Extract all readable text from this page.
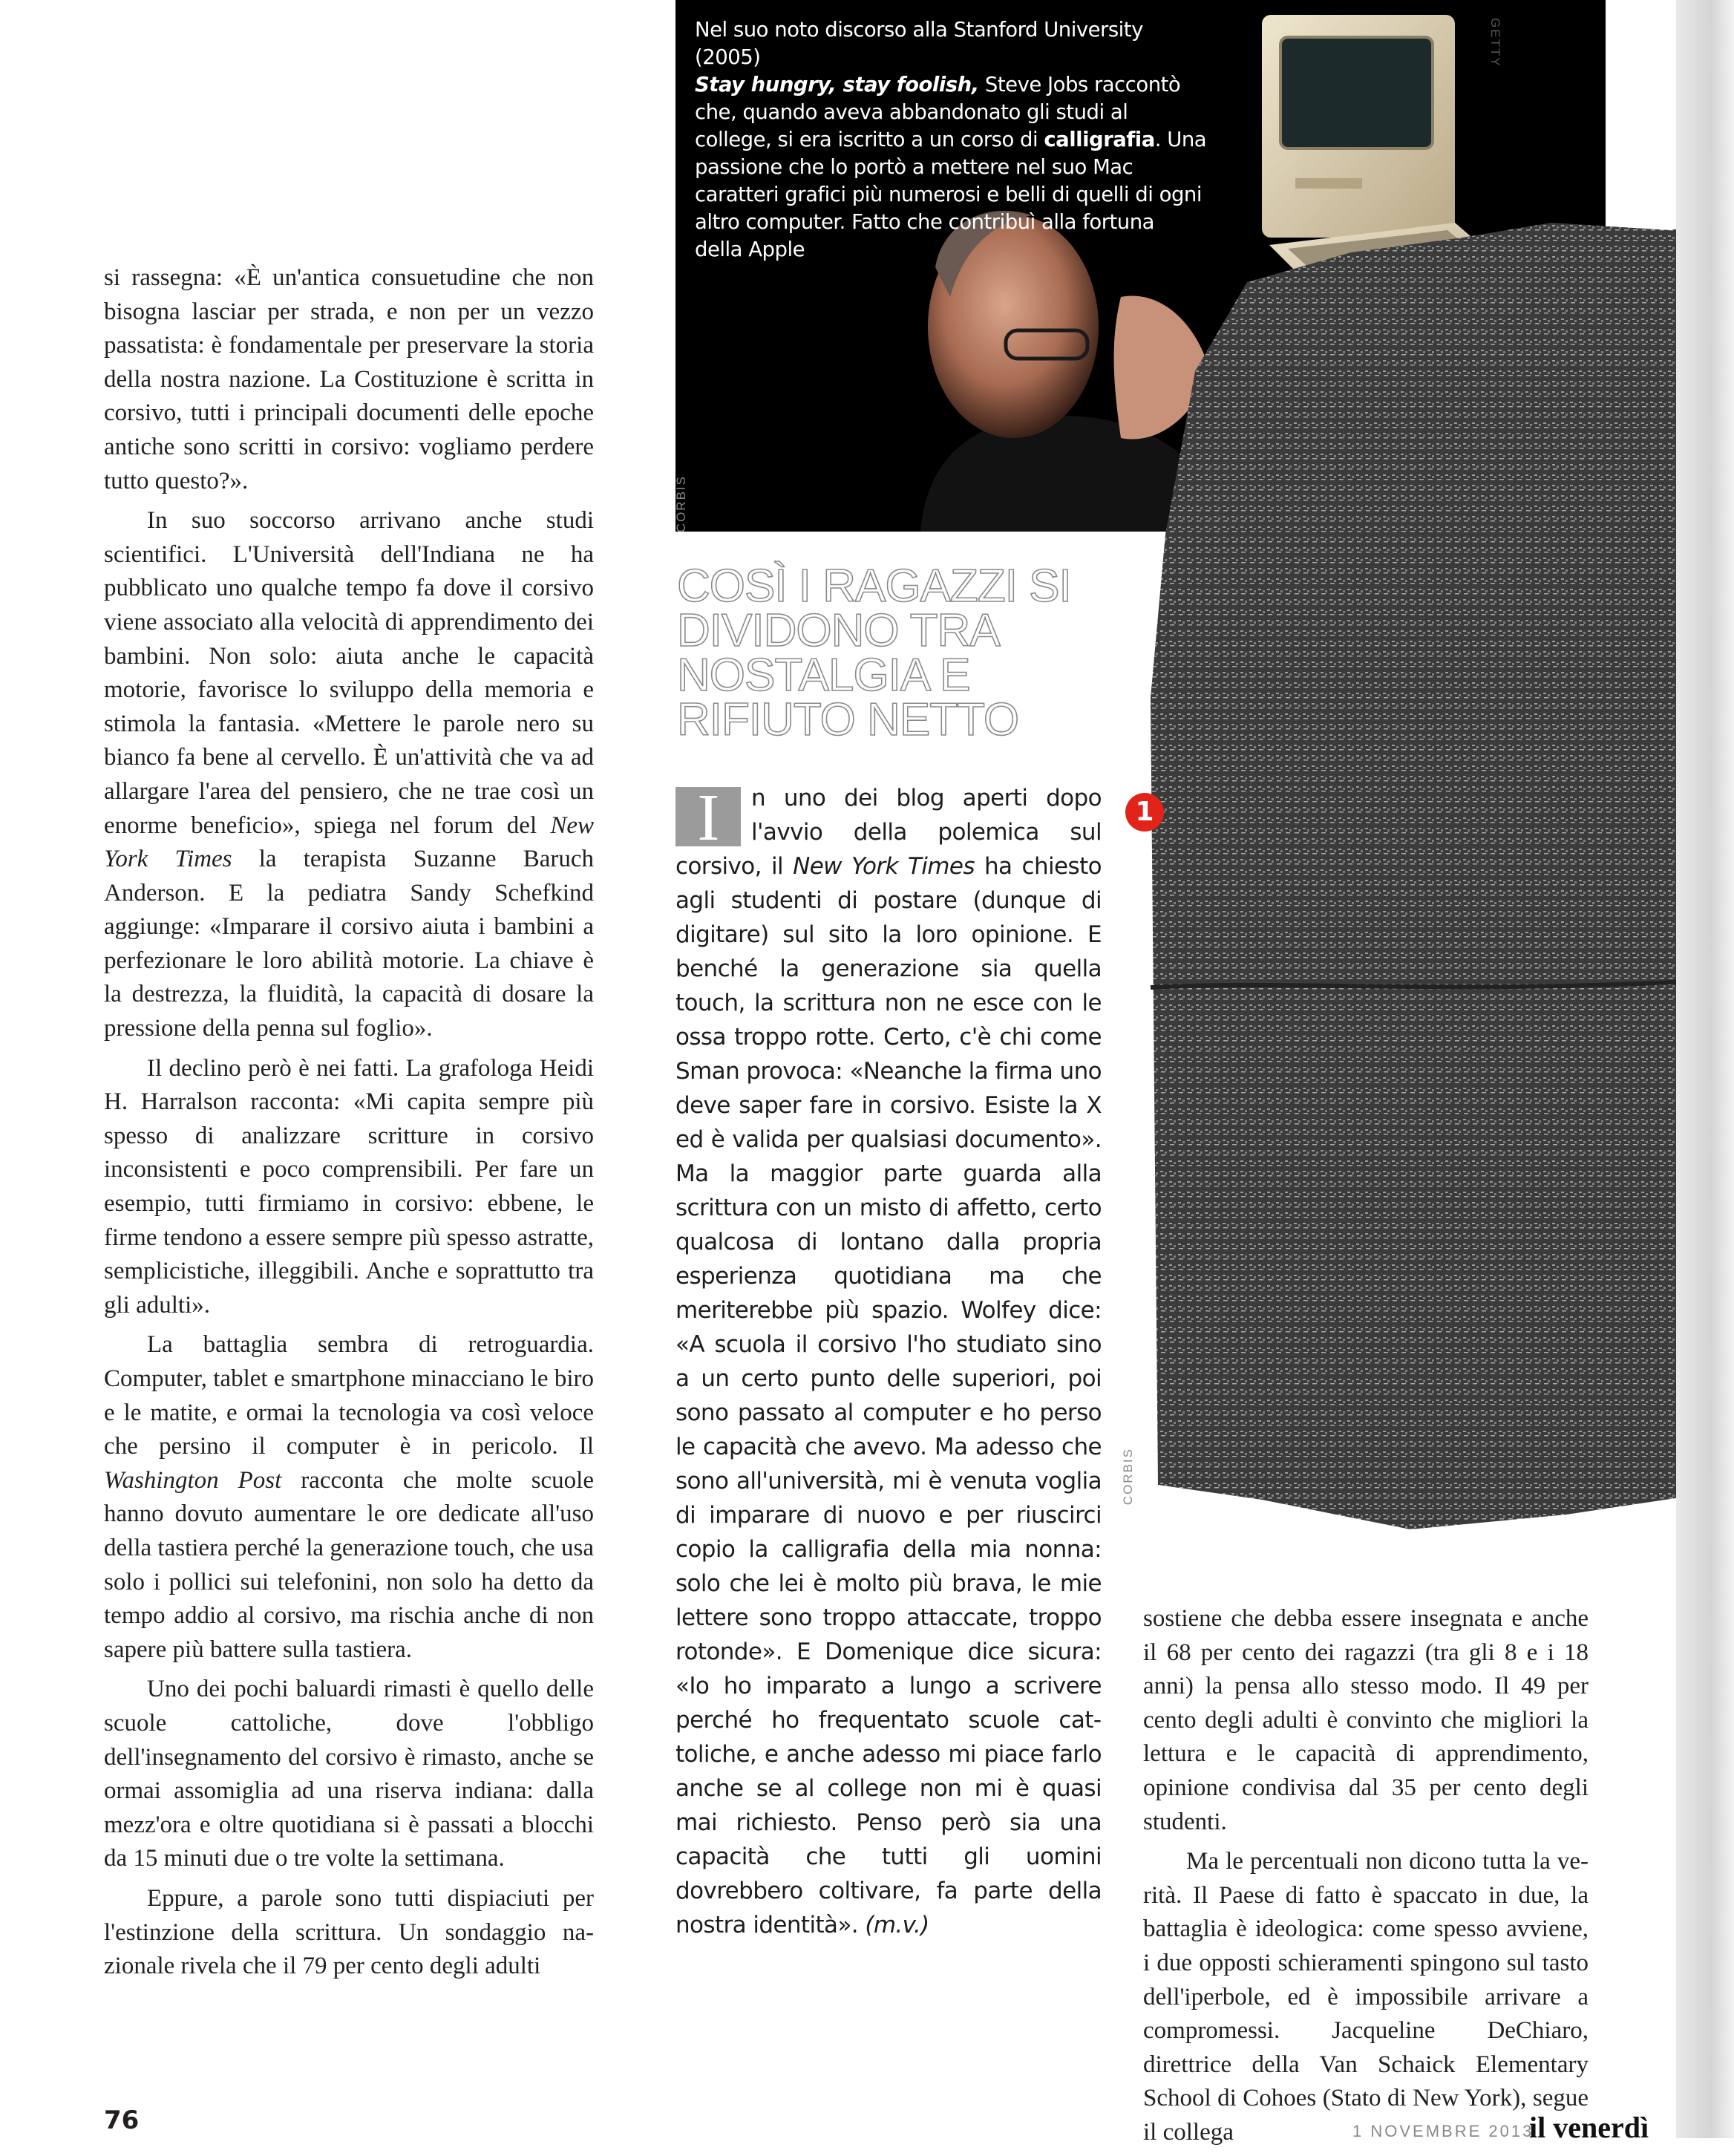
si rassegna: «È un'antica consuetudine che non bisogna lasciar per strada, e non per un vezzo passatista: è fondamentale per preservare la storia della nostra nazione. La Costituzione è scritta in corsivo, tutti i principali documenti delle epoche antiche sono scritti in corsivo: vogliamo perdere tutto questo?».

In suo soccorso arrivano anche studi scientifici. L'Università dell'Indiana ne ha pubblicato uno qualche tempo fa dove il corsivo viene associato alla velocità di apprendimento dei bambini. Non solo: aiuta anche le capacità motorie, favorisce lo sviluppo della memoria e stimola la fantasia. «Mettere le parole nero su bianco fa bene al cervello. È un'attività che va ad allargare l'area del pensiero, che ne trae così un enorme beneficio», spiega nel forum del New York Times la terapista Suzanne Baruch Anderson. E la pediatra Sandy Schefkind aggiunge: «Imparare il corsivo aiuta i bambini a perfezionare le loro abilità motorie. La chiave è la destrezza, la fluidità, la capacità di dosare la pressione della penna sul foglio».

Il declino però è nei fatti. La grafologa Heidi H. Harralson racconta: «Mi capita sempre più spesso di analizzare scritture in corsivo inconsistenti e poco comprensibili. Per fare un esempio, tutti firmiamo in corsivo: ebbene, le firme tendono a essere sempre più spesso astratte, semplicistiche, illeggibili. Anche e soprattutto tra gli adulti».

La battaglia sembra di retroguardia. Computer, tablet e smartphone minacciano le biro e le matite, e ormai la tecnologia va così veloce che persino il computer è in pericolo. Il Washington Post racconta che molte scuole hanno dovuto aumentare le ore dedicate all'uso della tastiera perché la generazione touch, che usa solo i pollici sui telefonini, non solo ha detto da tempo addio al corsivo, ma rischia anche di non sapere più battere sulla tastiera.

Uno dei pochi baluardi rimasti è quello delle scuole cattoliche, dove l'obbligo dell'insegnamento del corsivo è rimasto, anche se ormai assomiglia ad una riserva indiana: dalla mezz'ora e oltre quotidiana si è passati a blocchi da 15 minuti due o tre volte la settimana.

Eppure, a parole sono tutti dispiaciuti per l'estinzione della scrittura. Un sondaggio nazionale rivela che il 79 per cento degli adulti

Nel suo noto discorso alla Stanford University (2005)
Stay hungry, stay foolish, Steve Jobs raccontò che, quando aveva abbandonato gli studi al college, si era iscritto a un corso di calligrafia. Una passione che lo portò a mettere nel suo Mac caratteri grafici più numerosi e belli di quelli di ogni altro computer. Fatto che contribuì alla fortuna della Apple
GETTY
CORBIS
CORBIS
1
COSÌ I RAGAZZI SI DIVIDONO TRA NOSTALGIA E RIFIUTO NETTO
I	n uno dei blog aperti dopo l'avvio della polemica sul corsivo, il New York Times ha chiesto agli studenti di postare (dunque di digitare) sul sito la loro opinione. E benché la generazione sia quella touch, la scrittura non ne esce con le ossa troppo rotte. Certo, c'è chi come Sman provoca: «Neanche la firma uno deve saper fare in corsivo. Esiste la X ed è valida per qualsiasi documento». Ma la maggior parte guarda alla scrittura con un misto di affetto, certo qualcosa di lontano dalla propria esperienza quotidiana ma che meriterebbe più spazio. Wolfey dice: «A scuola il corsivo l'ho studiato sino a un certo punto delle superiori, poi sono passato al computer e ho perso le capacità che avevo. Ma adesso che sono all'università, mi è venuta voglia di imparare di nuovo e per riuscirci copio la calligrafia della mia nonna: solo che lei è molto più brava, le mie lettere sono troppo attaccate, troppo rotonde». E Domenique dice sicura: «Io ho imparato a lungo a scrivere perché ho frequentato scuole cattoliche, e anche adesso mi piace farlo anche se al college non mi è quasi mai richiesto. Penso però sia una capacità che tutti gli uomini dovrebbero coltivare, fa parte della nostra identità». (m.v.)

sostiene che debba essere insegnata e anche il 68 per cento dei ragazzi (tra gli 8 e i 18 anni) la pensa allo stesso modo. Il 49 per cento degli adulti è convinto che migliori la lettura e le capacità di apprendimento, opinione condivisa dal 35 per cento degli studenti.

Ma le percentuali non dicono tutta la verità. Il Paese di fatto è spaccato in due, la battaglia è ideologica: come spesso avviene, i due opposti schieramenti spingono sul tasto dell'iperbole, ed è impossibile arrivare a compromessi. Jacqueline DeChiaro, direttrice della Van Schaick Elementary School di Cohoes (Stato di New York), segue il collega

76	1 NOVEMBRE 2013
il venerdì
